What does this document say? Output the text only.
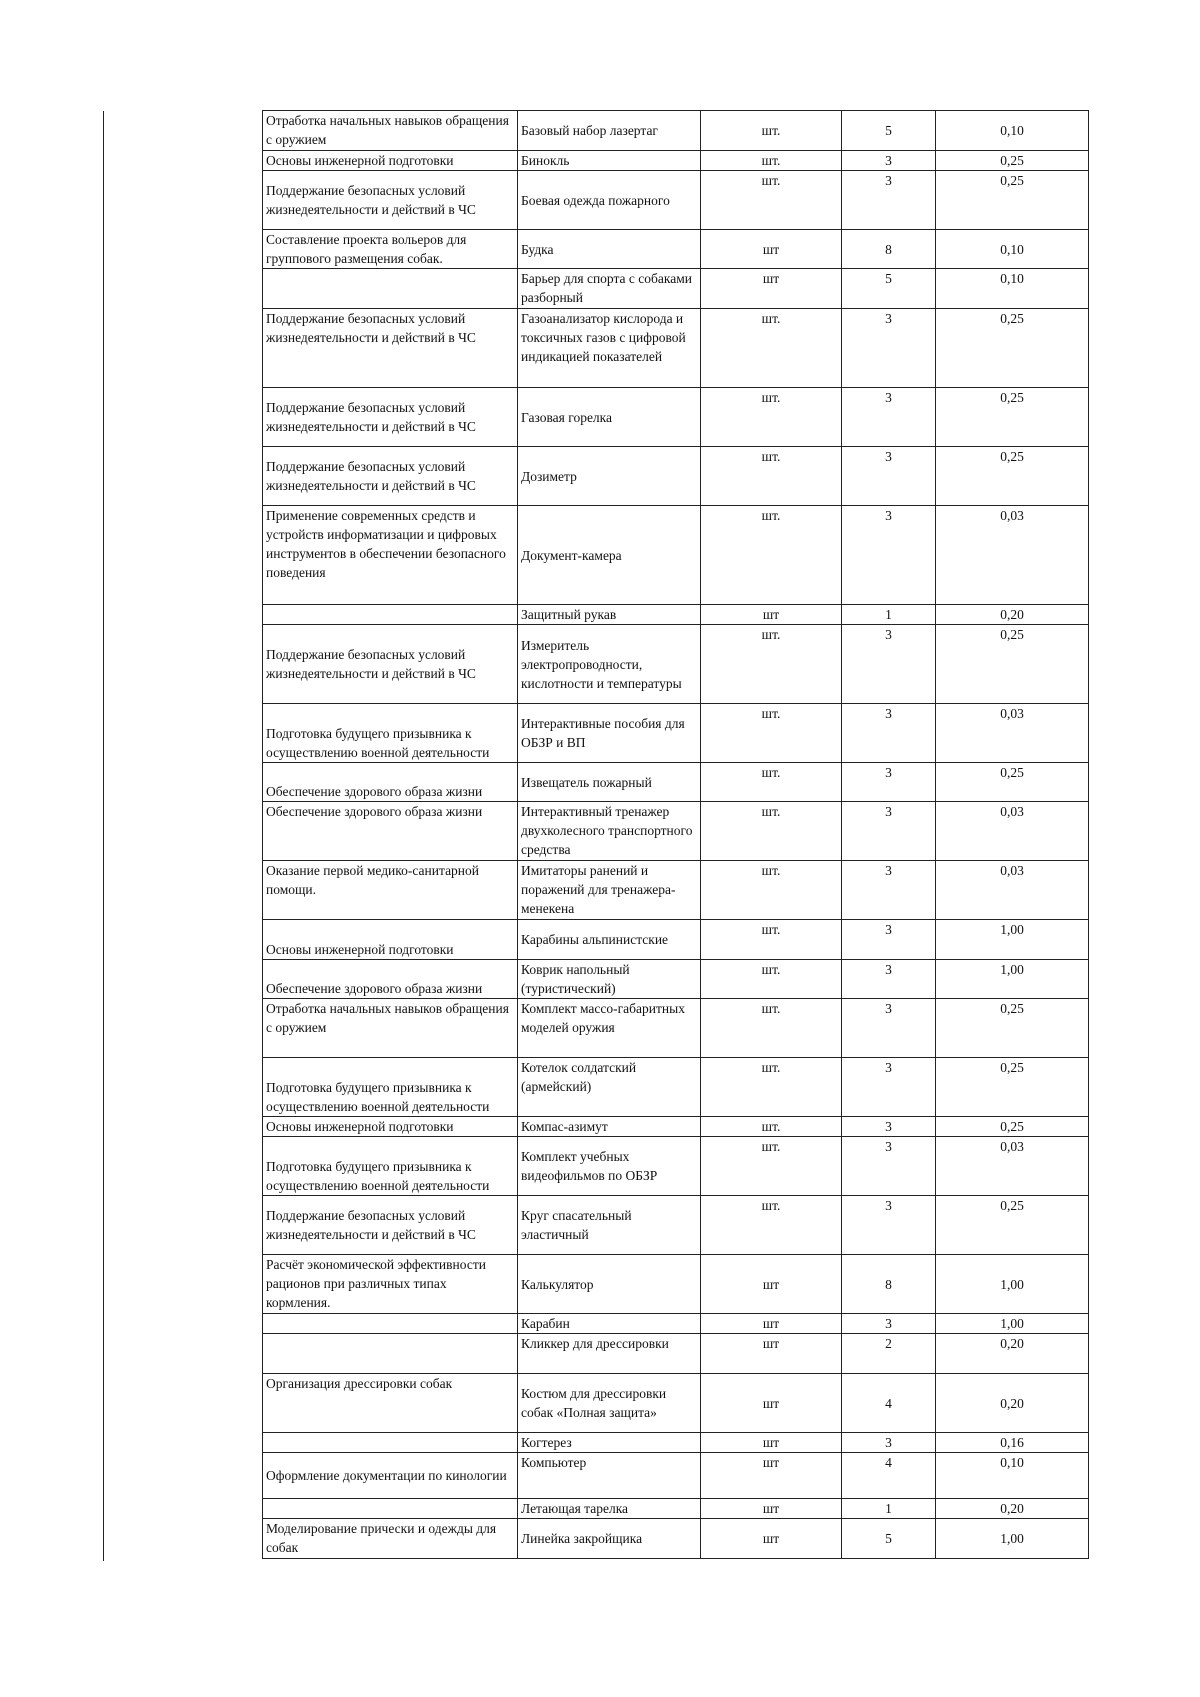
Отработка начальных навыков обращения с оружием	Базовый набор лазертаг	шт.	5	0,10
Основы инженерной подготовки	Бинокль	шт.	3	0,25
Поддержание безопасных условий жизнедеятельности и действий в ЧС	Боевая одежда пожарного	шт.	3	0,25
Составление проекта вольеров для группового размещения собак.	Будка	шт	8	0,10
	Барьер для спорта с собаками разборный	шт	5	0,10
Поддержание безопасных условий жизнедеятельности и действий в ЧС	Газоанализатор кислорода и токсичных газов с цифровой индикацией показателей	шт.	3	0,25
Поддержание безопасных условий жизнедеятельности и действий в ЧС	Газовая горелка	шт.	3	0,25
Поддержание безопасных условий жизнедеятельности и действий в ЧС	Дозиметр	шт.	3	0,25
Применение современных средств и устройств информатизации и цифровых инструментов в обеспечении безопасного поведения	Документ-камера	шт.	3	0,03
	Защитный рукав	шт	1	0,20
Поддержание безопасных условий жизнедеятельности и действий в ЧС	Измеритель электропроводности, кислотности и температуры	шт.	3	0,25
Подготовка будущего призывника к осуществлению военной деятельности	Интерактивные пособия для ОБЗР и ВП	шт.	3	0,03
Обеспечение здорового образа жизни	Извещатель пожарный	шт.	3	0,25
Обеспечение здорового образа жизни	Интерактивный тренажер двухколесного транспортного средства	шт.	3	0,03
Оказание первой медико-санитарной помощи.	Имитаторы ранений и поражений для тренажера-менекена	шт.	3	0,03
Основы инженерной подготовки	Карабины альпинистские	шт.	3	1,00
Обеспечение здорового образа жизни	Коврик напольный (туристический)	шт.	3	1,00
Отработка начальных навыков обращения с оружием	Комплект массо-габаритных моделей оружия	шт.	3	0,25
Подготовка будущего призывника к осуществлению военной деятельности	Котелок солдатский (армейский)	шт.	3	0,25
Основы инженерной подготовки	Компас-азимут	шт.	3	0,25
Подготовка будущего призывника к осуществлению военной деятельности	Комплект учебных видеофильмов по ОБЗР	шт.	3	0,03
Поддержание безопасных условий жизнедеятельности и действий в ЧС	Круг спасательный эластичный	шт.	3	0,25
Расчёт экономической эффективности рационов при различных типах кормления.	Калькулятор	шт	8	1,00
	Карабин	шт	3	1,00
	Кликкер для дрессировки	шт	2	0,20
Организация дрессировки собак	Костюм для дрессировки собак «Полная защита»	шт	4	0,20
	Когтерез	шт	3	0,16
Оформление документации по кинологии	Компьютер	шт	4	0,10
	Летающая тарелка	шт	1	0,20
Моделирование прически и одежды для собак	Линейка закройщика	шт	5	1,00
